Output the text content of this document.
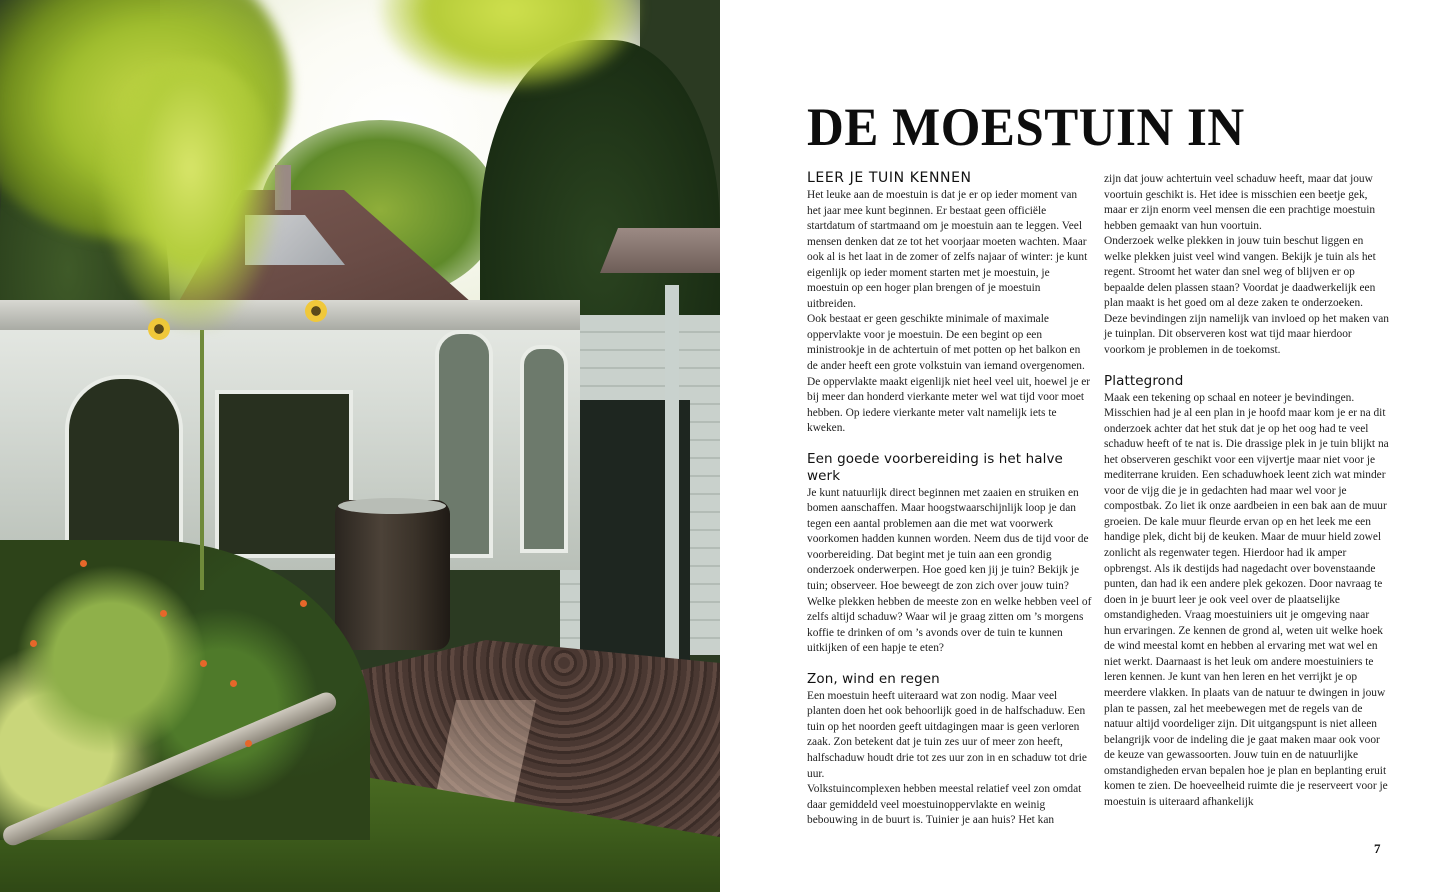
DE MOESTUIN IN
LEER JE TUIN KENNEN

Het leuke aan de moestuin is dat je er op ieder moment van het jaar mee kunt beginnen. Er bestaat geen officiële startdatum of startmaand om je moestuin aan te leggen. Veel mensen denken dat ze tot het voorjaar moeten wachten. Maar ook al is het laat in de zomer of zelfs najaar of winter: je kunt eigenlijk op ieder moment starten met je moestuin, je moestuin op een hoger plan brengen of je moestuin uitbreiden.

Ook bestaat er geen geschikte minimale of maximale oppervlakte voor je moestuin. De een begint op een ministrookje in de achtertuin of met potten op het balkon en de ander heeft een grote volkstuin van iemand overgenomen. De oppervlakte maakt eigenlijk niet heel veel uit, hoewel je er bij meer dan honderd vierkante meter wel wat tijd voor moet hebben. Op iedere vierkante meter valt namelijk iets te kweken.

Een goede voorbereiding is het halve werk

Je kunt natuurlijk direct beginnen met zaaien en struiken en bomen aanschaffen. Maar hoogstwaarschijnlijk loop je dan tegen een aantal problemen aan die met wat voorwerk voorkomen hadden kunnen worden. Neem dus de tijd voor de voorbereiding. Dat begint met je tuin aan een grondig onderzoek onderwerpen. Hoe goed ken jij je tuin? Bekijk je tuin; observeer. Hoe beweegt de zon zich over jouw tuin? Welke plekken hebben de meeste zon en welke hebben veel of zelfs altijd schaduw? Waar wil je graag zitten om ’s morgens koffie te drinken of om ’s avonds over de tuin te kunnen uitkijken of een hapje te eten?

Zon, wind en regen

Een moestuin heeft uiteraard wat zon nodig. Maar veel planten doen het ook behoorlijk goed in de halfschaduw. Een tuin op het noorden geeft uitdagingen maar is geen verloren zaak. Zon betekent dat je tuin zes uur of meer zon heeft, halfschaduw houdt drie tot zes uur zon in en schaduw tot drie uur.

Volkstuincomplexen hebben meestal relatief veel zon omdat daar gemiddeld veel moestuinoppervlakte en weinig bebouwing in de buurt is. Tuinier je aan huis? Het kan

zijn dat jouw achtertuin veel schaduw heeft, maar dat jouw voortuin geschikt is. Het idee is misschien een beetje gek, maar er zijn enorm veel mensen die een prachtige moestuin hebben gemaakt van hun voortuin.

Onderzoek welke plekken in jouw tuin beschut liggen en welke plekken juist veel wind vangen. Bekijk je tuin als het regent. Stroomt het water dan snel weg of blijven er op bepaalde delen plassen staan? Voordat je daadwerkelijk een plan maakt is het goed om al deze zaken te onderzoeken. Deze bevindingen zijn namelijk van invloed op het maken van je tuinplan. Dit observeren kost wat tijd maar hierdoor voorkom je problemen in de toekomst.

Plattegrond

Maak een tekening op schaal en noteer je bevindingen. Misschien had je al een plan in je hoofd maar kom je er na dit onderzoek achter dat het stuk dat je op het oog had te veel schaduw heeft of te nat is. Die drassige plek in je tuin blijkt na het observeren geschikt voor een vijvertje maar niet voor je mediterrane kruiden. Een schaduwhoek leent zich wat minder voor de vijg die je in gedachten had maar wel voor je compostbak. Zo liet ik onze aardbeien in een bak aan de muur groeien. De kale muur fleurde ervan op en het leek me een handige plek, dicht bij de keuken. Maar de muur hield zowel zonlicht als regenwater tegen. Hierdoor had ik amper opbrengst. Als ik destijds had nagedacht over bovenstaande punten, dan had ik een andere plek gekozen. Door navraag te doen in je buurt leer je ook veel over de plaatselijke omstandigheden. Vraag moestuiniers uit je omgeving naar hun ervaringen. Ze kennen de grond al, weten uit welke hoek de wind meestal komt en hebben al ervaring met wat wel en niet werkt. Daarnaast is het leuk om andere moestuiniers te leren kennen. Je kunt van hen leren en het verrijkt je op meerdere vlakken. In plaats van de natuur te dwingen in jouw plan te passen, zal het meebewegen met de regels van de natuur altijd voordeliger zijn. Dit uitgangspunt is niet alleen belangrijk voor de indeling die je gaat maken maar ook voor de keuze van gewassoorten. Jouw tuin en de natuurlijke omstandigheden ervan bepalen hoe je plan en beplanting eruit komen te zien. De hoeveelheid ruimte die je reserveert voor je moestuin is uiteraard afhankelijk

7
